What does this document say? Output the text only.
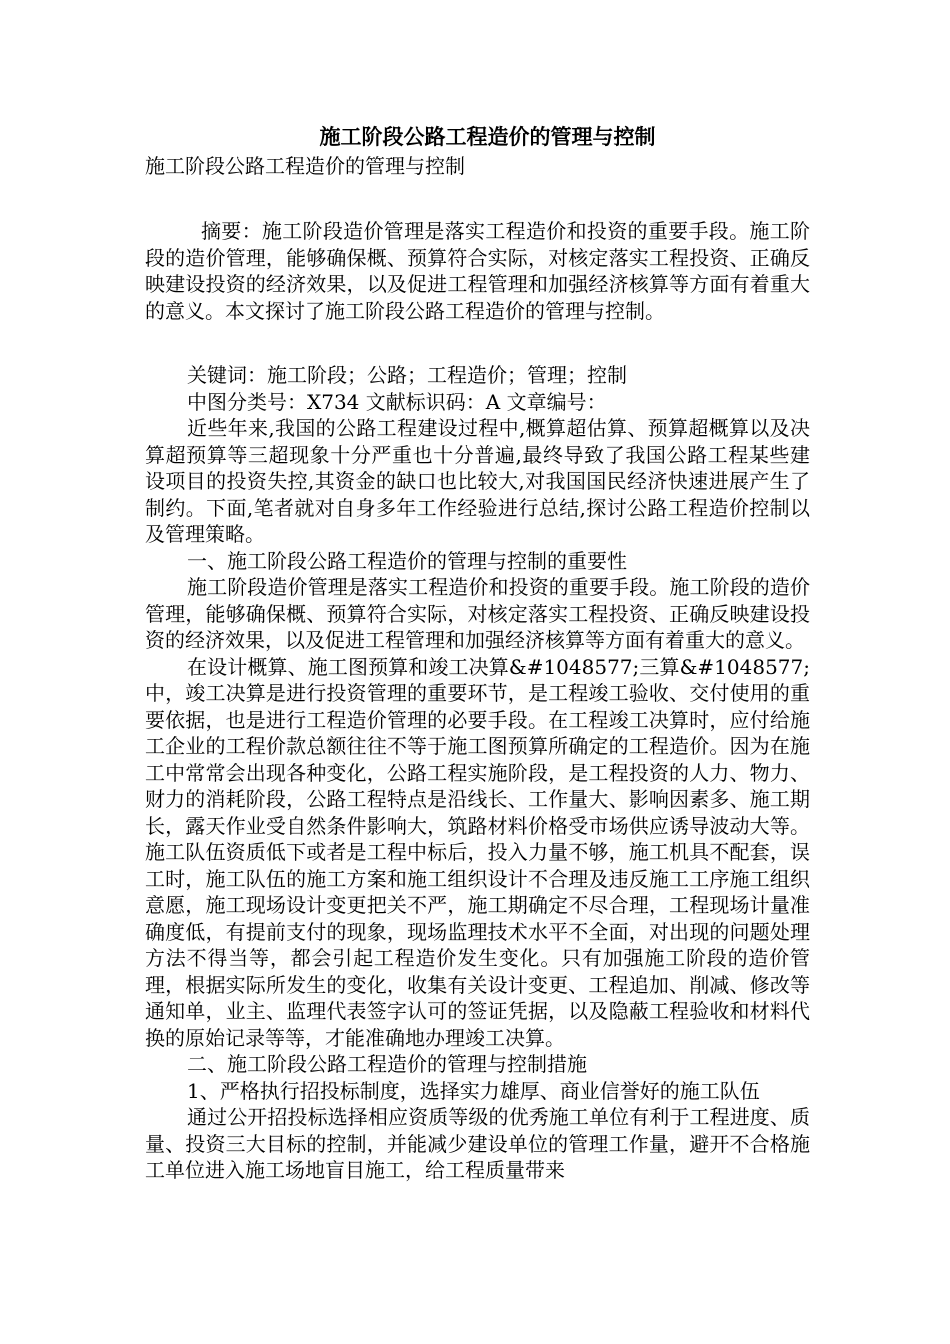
施工阶段公路工程造价的管理与控制

施工阶段公路工程造价的管理与控制

摘要：施工阶段造价管理是落实工程造价和投资的重要手段。施工阶段的造价管理，能够确保概、预算符合实际，对核定落实工程投资、正确反映建设投资的经济效果，以及促进工程管理和加强经济核算等方面有着重大的意义。本文探讨了施工阶段公路工程造价的管理与控制。

关键词：施工阶段；公路；工程造价；管理；控制

中图分类号：X734 文献标识码：A 文章编号：

近些年来,我国的公路工程建设过程中,概算超估算、预算超概算以及决算超预算等三超现象十分严重也十分普遍,最终导致了我国公路工程某些建设项目的投资失控,其资金的缺口也比较大,对我国国民经济快速进展产生了制约。下面,笔者就对自身多年工作经验进行总结,探讨公路工程造价控制以及管理策略。

一、施工阶段公路工程造价的管理与控制的重要性

施工阶段造价管理是落实工程造价和投资的重要手段。施工阶段的造价管理，能够确保概、预算符合实际，对核定落实工程投资、正确反映建设投资的经济效果，以及促进工程管理和加强经济核算等方面有着重大的意义。

在设计概算、施工图预算和竣工决算&#1048577;三算&#1048577;中，竣工决算是进行投资管理的重要环节，是工程竣工验收、交付使用的重要依据，也是进行工程造价管理的必要手段。在工程竣工决算时，应付给施工企业的工程价款总额往往不等于施工图预算所确定的工程造价。因为在施工中常常会出现各种变化，公路工程实施阶段，是工程投资的人力、物力、财力的消耗阶段，公路工程特点是沿线长、工作量大、影响因素多、施工期长，露天作业受自然条件影响大，筑路材料价格受市场供应诱导波动大等。施工队伍资质低下或者是工程中标后，投入力量不够，施工机具不配套，误工时，施工队伍的施工方案和施工组织设计不合理及违反施工工序施工组织意愿，施工现场设计变更把关不严，施工期确定不尽合理，工程现场计量准确度低，有提前支付的现象，现场监理技术水平不全面，对出现的问题处理方法不得当等，都会引起工程造价发生变化。只有加强施工阶段的造价管理，根据实际所发生的变化，收集有关设计变更、工程追加、削减、修改等通知单，业主、监理代表签字认可的签证凭据，以及隐蔽工程验收和材料代换的原始记录等等，才能准确地办理竣工决算。

二、施工阶段公路工程造价的管理与控制措施

1、严格执行招投标制度，选择实力雄厚、商业信誉好的施工队伍

通过公开招投标选择相应资质等级的优秀施工单位有利于工程进度、质量、投资三大目标的控制，并能减少建设单位的管理工作量，避开不合格施工单位进入施工场地盲目施工，给工程质量带来
